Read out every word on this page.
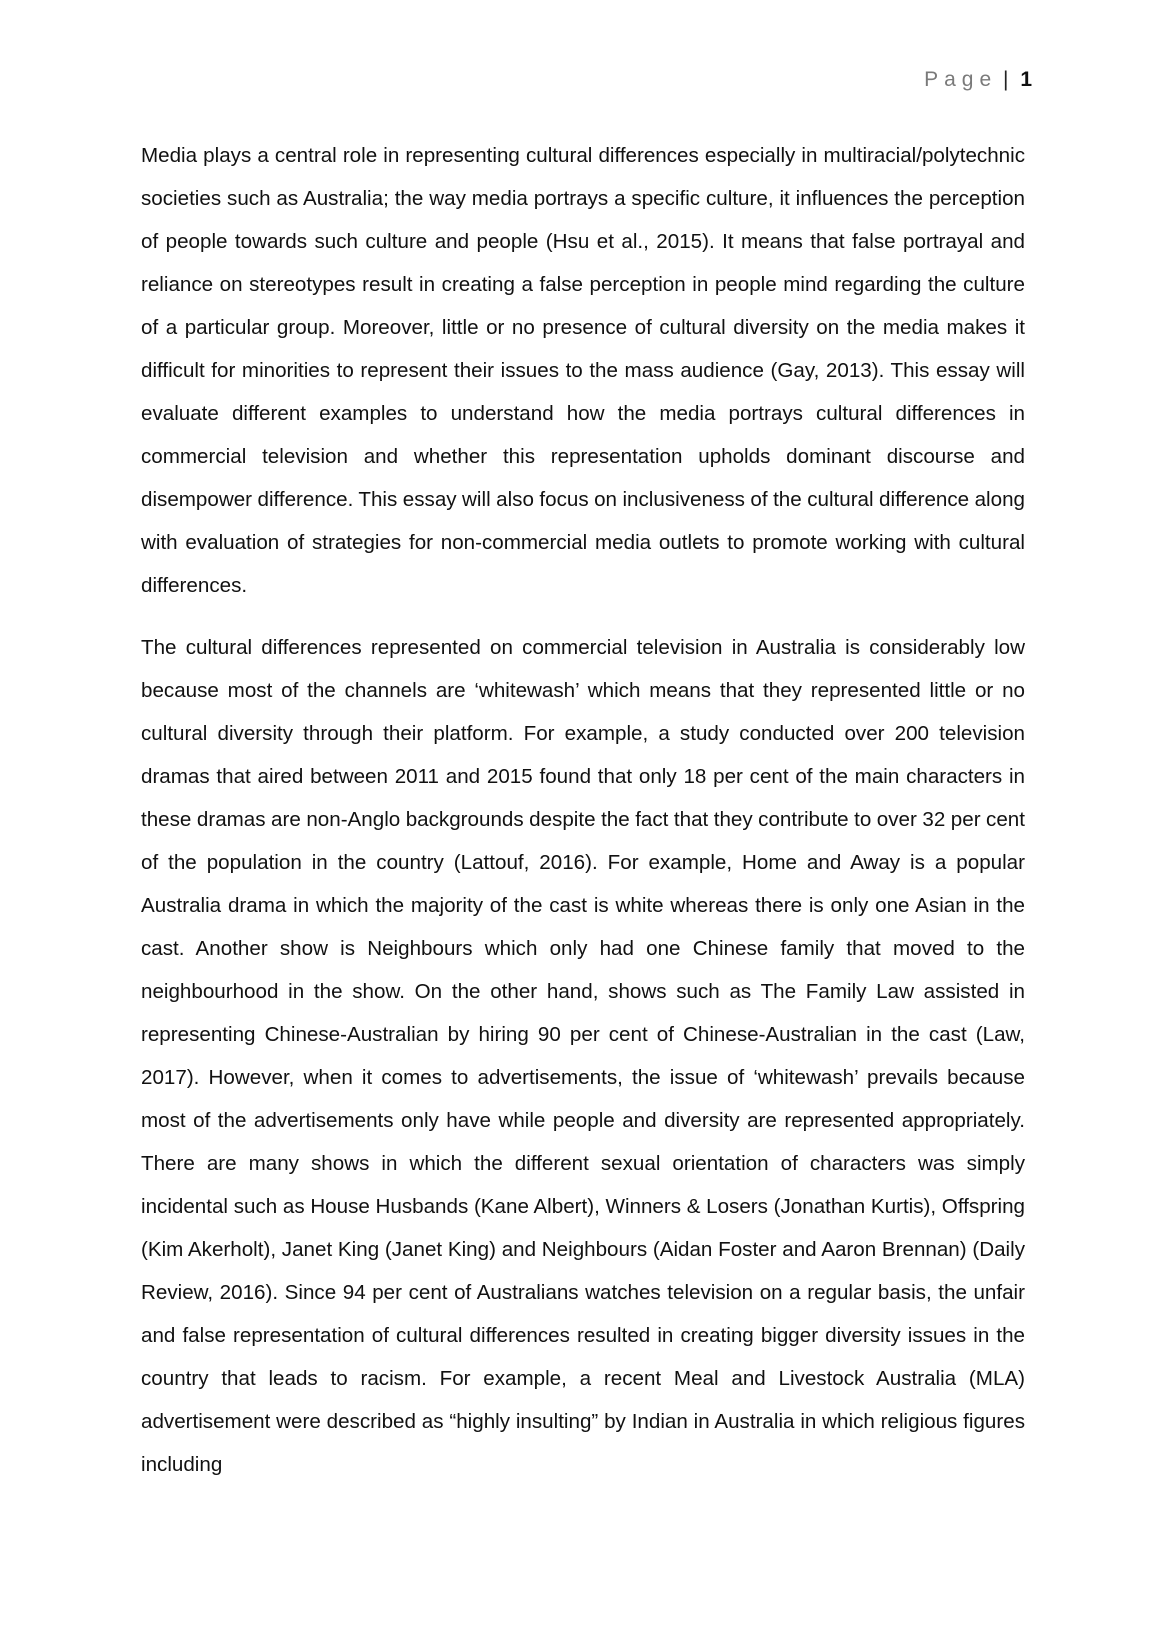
Page | 1

Media plays a central role in representing cultural differences especially in multiracial/polytechnic societies such as Australia; the way media portrays a specific culture, it influences the perception of people towards such culture and people (Hsu et al., 2015). It means that false portrayal and reliance on stereotypes result in creating a false perception in people mind regarding the culture of a particular group. Moreover, little or no presence of cultural diversity on the media makes it difficult for minorities to represent their issues to the mass audience (Gay, 2013). This essay will evaluate different examples to understand how the media portrays cultural differences in commercial television and whether this representation upholds dominant discourse and disempower difference. This essay will also focus on inclusiveness of the cultural difference along with evaluation of strategies for non-commercial media outlets to promote working with cultural differences.

The cultural differences represented on commercial television in Australia is considerably low because most of the channels are ‘whitewash’ which means that they represented little or no cultural diversity through their platform. For example, a study conducted over 200 television dramas that aired between 2011 and 2015 found that only 18 per cent of the main characters in these dramas are non-Anglo backgrounds despite the fact that they contribute to over 32 per cent of the population in the country (Lattouf, 2016). For example, Home and Away is a popular Australia drama in which the majority of the cast is white whereas there is only one Asian in the cast. Another show is Neighbours which only had one Chinese family that moved to the neighbourhood in the show. On the other hand, shows such as The Family Law assisted in representing Chinese-Australian by hiring 90 per cent of Chinese-Australian in the cast (Law, 2017). However, when it comes to advertisements, the issue of ‘whitewash’ prevails because most of the advertisements only have while people and diversity are represented appropriately. There are many shows in which the different sexual orientation of characters was simply incidental such as House Husbands (Kane Albert), Winners & Losers (Jonathan Kurtis), Offspring (Kim Akerholt), Janet King (Janet King) and Neighbours (Aidan Foster and Aaron Brennan) (Daily Review, 2016). Since 94 per cent of Australians watches television on a regular basis, the unfair and false representation of cultural differences resulted in creating bigger diversity issues in the country that leads to racism. For example, a recent Meal and Livestock Australia (MLA) advertisement were described as “highly insulting” by Indian in Australia in which religious figures including
